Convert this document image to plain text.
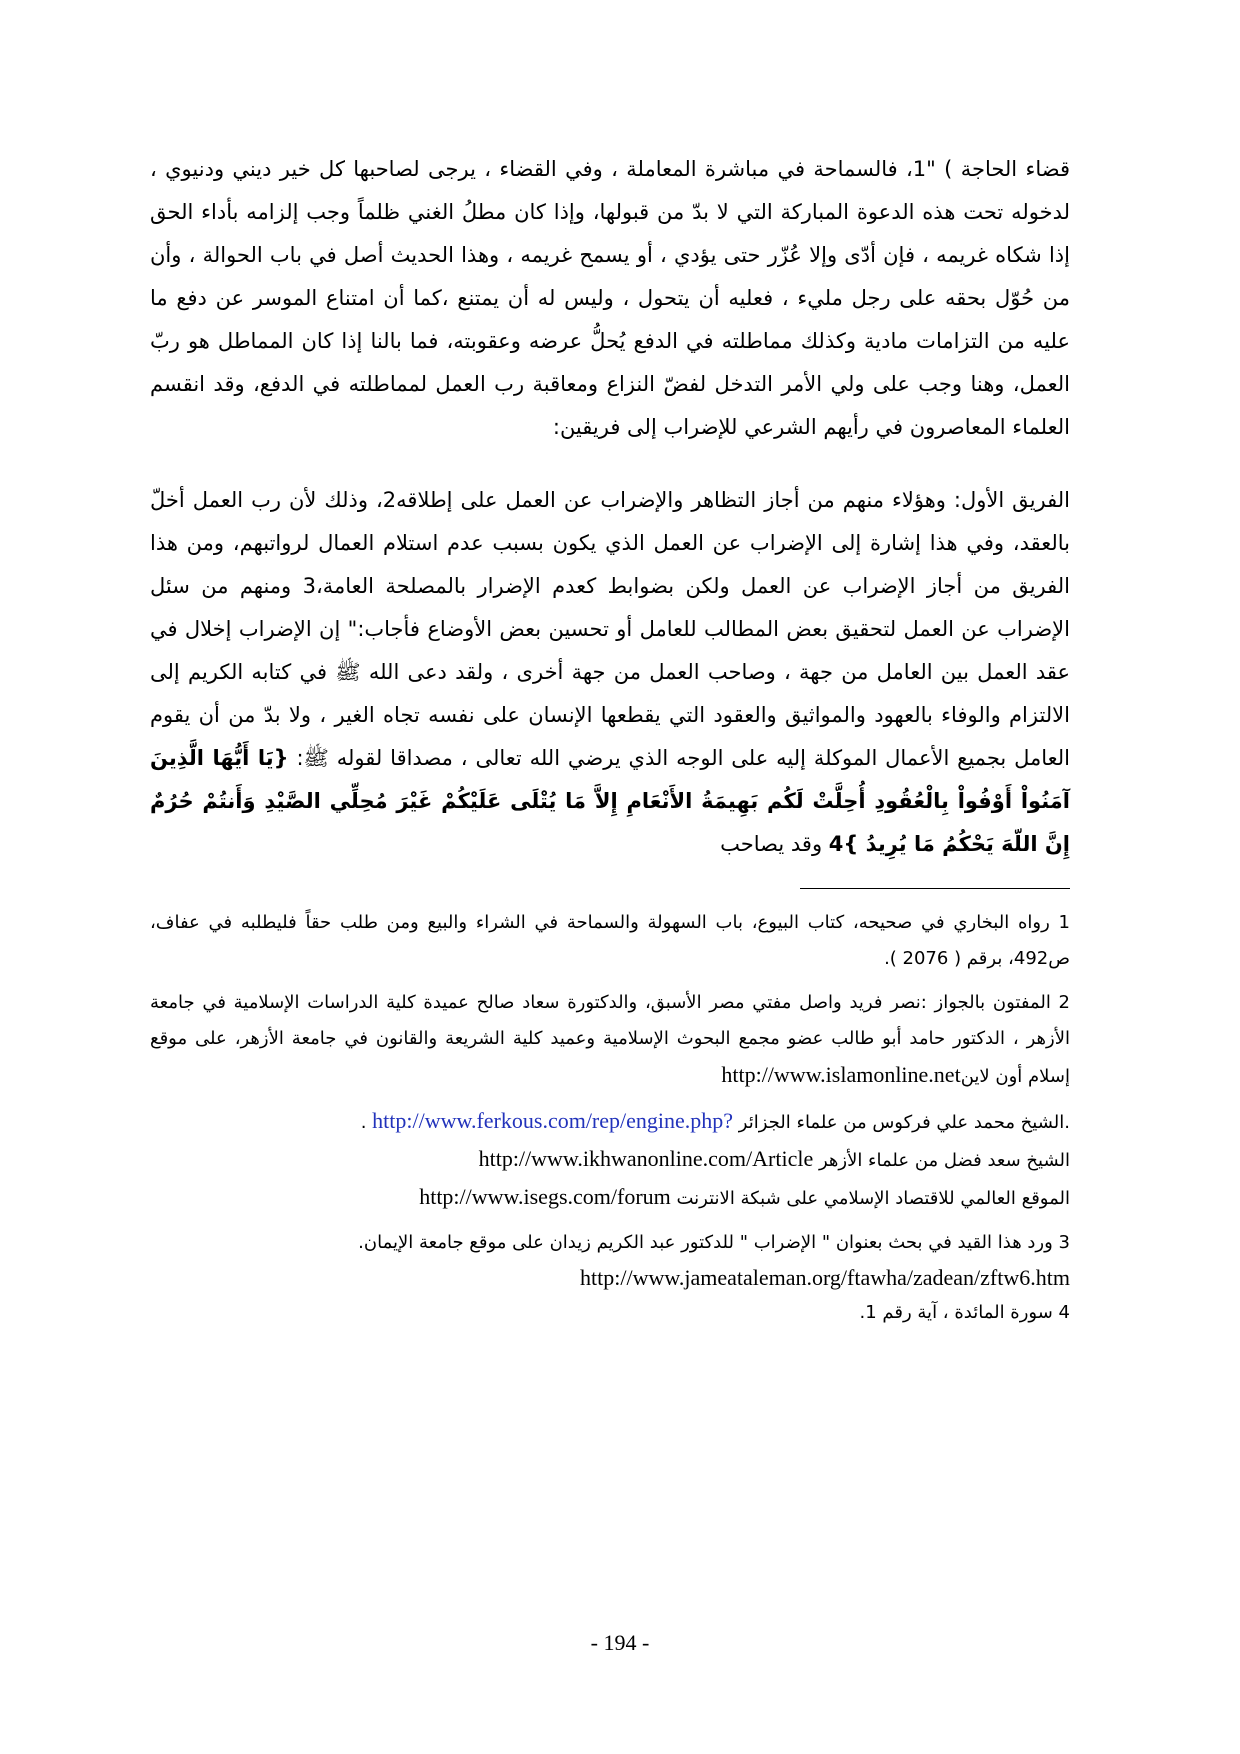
قضاء الحاجة ) "1، فالسماحة في مباشرة المعاملة ، وفي القضاء ، يرجى لصاحبها كل خير ديني ودنيوي ، لدخوله تحت هذه الدعوة المباركة التي لا بدّ من قبولها، وإذا كان مطلُ الغني ظلماً وجب إلزامه بأداء الحق إذا شكاه غريمه ، فإن أدّى وإلا عُزّر حتى يؤدي ، أو يسمح غريمه ، وهذا الحديث أصل في باب الحوالة ، وأن من حُوّل بحقه على رجل مليء ، فعليه أن يتحول ، وليس له أن يمتنع ،كما أن امتناع الموسر عن دفع ما عليه من التزامات مادية وكذلك مماطلته في الدفع يُحلُّ عرضه وعقوبته، فما بالنا إذا كان المماطل هو ربّ العمل، وهنا وجب على ولي الأمر التدخل لفضّ النزاع ومعاقبة رب العمل لمماطلته في الدفع، وقد انقسم العلماء المعاصرون في رأيهم الشرعي للإضراب إلى فريقين:

الفريق الأول: وهؤلاء منهم من أجاز التظاهر والإضراب عن العمل على إطلاقه2، وذلك لأن رب العمل أخلّ بالعقد، وفي هذا إشارة إلى الإضراب عن العمل الذي يكون بسبب عدم استلام العمال لرواتبهم، ومن هذا الفريق من أجاز الإضراب عن العمل ولكن بضوابط كعدم الإضرار بالمصلحة العامة،3 ومنهم من سئل الإضراب عن العمل لتحقيق بعض المطالب للعامل أو تحسين بعض الأوضاع فأجاب:" إن الإضراب إخلال في عقد العمل بين العامل من جهة ، وصاحب العمل من جهة أخرى ، ولقد دعى الله ﷺ في كتابه الكريم إلى الالتزام والوفاء بالعهود والمواثيق والعقود التي يقطعها الإنسان على نفسه تجاه الغير ، ولا بدّ من أن يقوم العامل بجميع الأعمال الموكلة إليه على الوجه الذي يرضي الله تعالى ، مصداقا لقوله ﷺ: {يَا أَيُّهَا الَّذِينَ آمَنُواْ أَوْفُواْ بِالْعُقُودِ أُحِلَّتْ لَكُم بَهِيمَةُ الأَنْعَامِ إِلاَّ مَا يُتْلَى عَلَيْكُمْ غَيْرَ مُحِلِّي الصَّيْدِ وَأَنتُمْ حُرُمٌ إِنَّ اللّهَ يَحْكُمُ مَا يُرِيدُ }4 وقد يصاحب

1 رواه البخاري في صحيحه، كتاب البيوع، باب السهولة والسماحة في الشراء والبيع ومن طلب حقاً فليطلبه في عفاف، ص492، برقم ( 2076 ).

2 المفتون بالجواز :نصر فريد واصل مفتي مصر الأسبق، والدكتورة سعاد صالح عميدة كلية الدراسات الإسلامية في جامعة الأزهر ، الدكتور حامد أبو طالب عضو مجمع البحوث الإسلامية وعميد كلية الشريعة والقانون في جامعة الأزهر، على موقع إسلام أون لاينhttp://www.islamonline.net

.الشيخ محمد علي فركوس من علماء الجزائر http://www.ferkous.com/rep/engine.php? .

الشيخ سعد فضل من علماء الأزهر http://www.ikhwanonline.com/Article

الموقع العالمي للاقتصاد الإسلامي على شبكة الانترنت http://www.isegs.com/forum

3 ورد هذا القيد في بحث بعنوان " الإضراب " للدكتور عبد الكريم زيدان على موقع جامعة الإيمان.

http://www.jameataleman.org/ftawha/zadean/zftw6.htm

4 سورة المائدة ، آية رقم 1.

- 194 -
